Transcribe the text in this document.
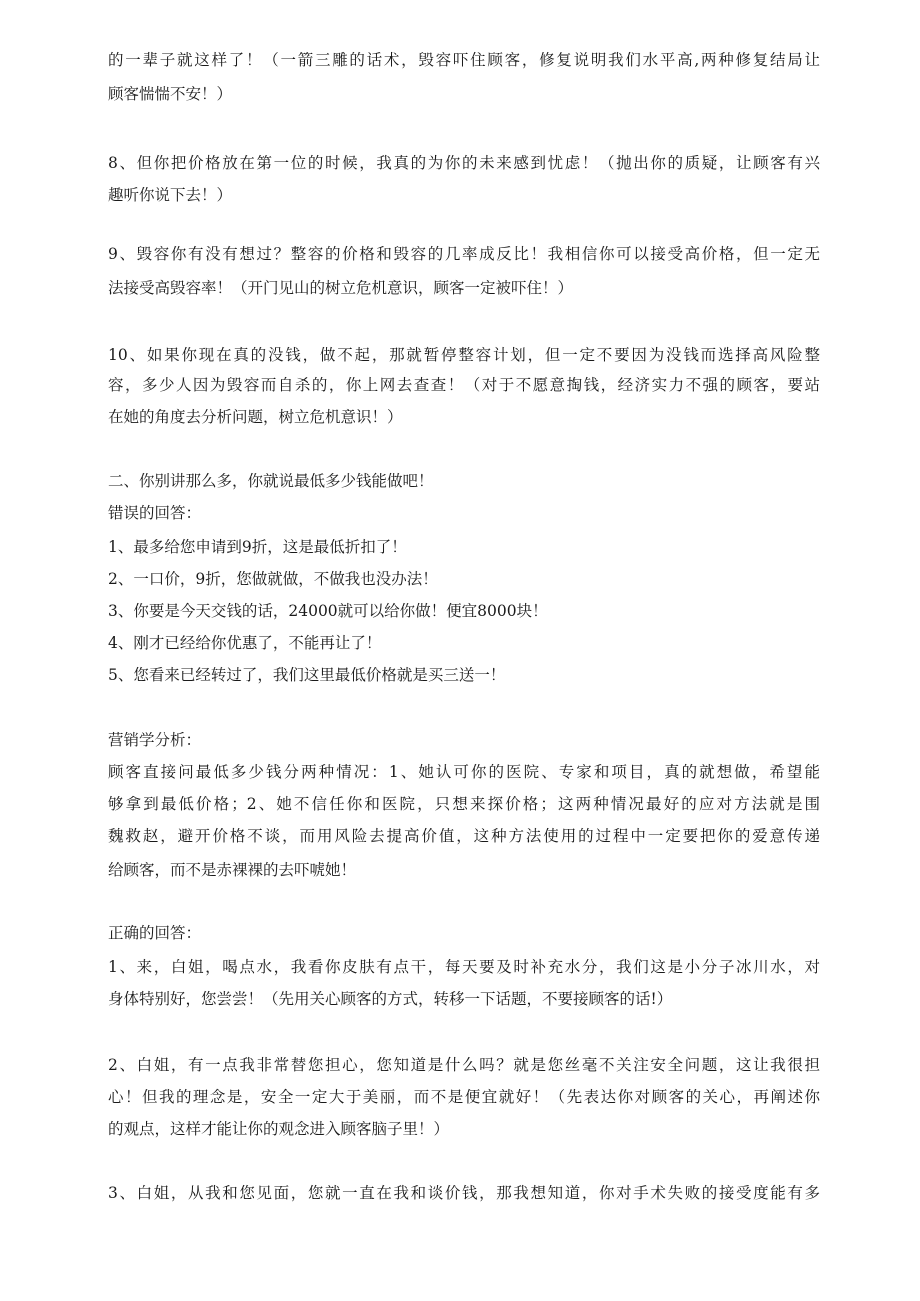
的一辈子就这样了！（一箭三雕的话术，毁容吓住顾客，修复说明我们水平高,两种修复结局让
顾客惴惴不安！）
8、但你把价格放在第一位的时候，我真的为你的未来感到忧虑！（抛出你的质疑，让顾客有兴
趣听你说下去！）
9、毁容你有没有想过？整容的价格和毁容的几率成反比！我相信你可以接受高价格，但一定无
法接受高毁容率！（开门见山的树立危机意识，顾客一定被吓住！）
10、如果你现在真的没钱，做不起，那就暂停整容计划，但一定不要因为没钱而选择高风险整
容，多少人因为毁容而自杀的，你上网去查查！（对于不愿意掏钱，经济实力不强的顾客，要站
在她的角度去分析问题，树立危机意识！）
二、你别讲那么多，你就说最低多少钱能做吧！
错误的回答：
1、最多给您申请到9折，这是最低折扣了！
2、一口价，9折，您做就做，不做我也没办法！
3、你要是今天交钱的话，24000就可以给你做！便宜8000块！
4、刚才已经给你优惠了，不能再让了！
5、您看来已经转过了，我们这里最低价格就是买三送一！
营销学分析：
顾客直接问最低多少钱分两种情况：1、她认可你的医院、专家和项目，真的就想做，希望能
够拿到最低价格；2、她不信任你和医院，只想来探价格；这两种情况最好的应对方法就是围
魏救赵，避开价格不谈，而用风险去提高价值，这种方法使用的过程中一定要把你的爱意传递
给顾客，而不是赤裸裸的去吓唬她！
正确的回答：
1、来，白姐，喝点水，我看你皮肤有点干，每天要及时补充水分，我们这是小分子冰川水，对
身体特别好，您尝尝！（先用关心顾客的方式，转移一下话题，不要接顾客的话!）
2、白姐，有一点我非常替您担心，您知道是什么吗？就是您丝毫不关注安全问题，这让我很担
心！但我的理念是，安全一定大于美丽，而不是便宜就好！（先表达你对顾客的关心，再阐述你
的观点，这样才能让你的观念进入顾客脑子里！）
3、白姐，从我和您见面，您就一直在我和谈价钱，那我想知道，你对手术失败的接受度能有多
